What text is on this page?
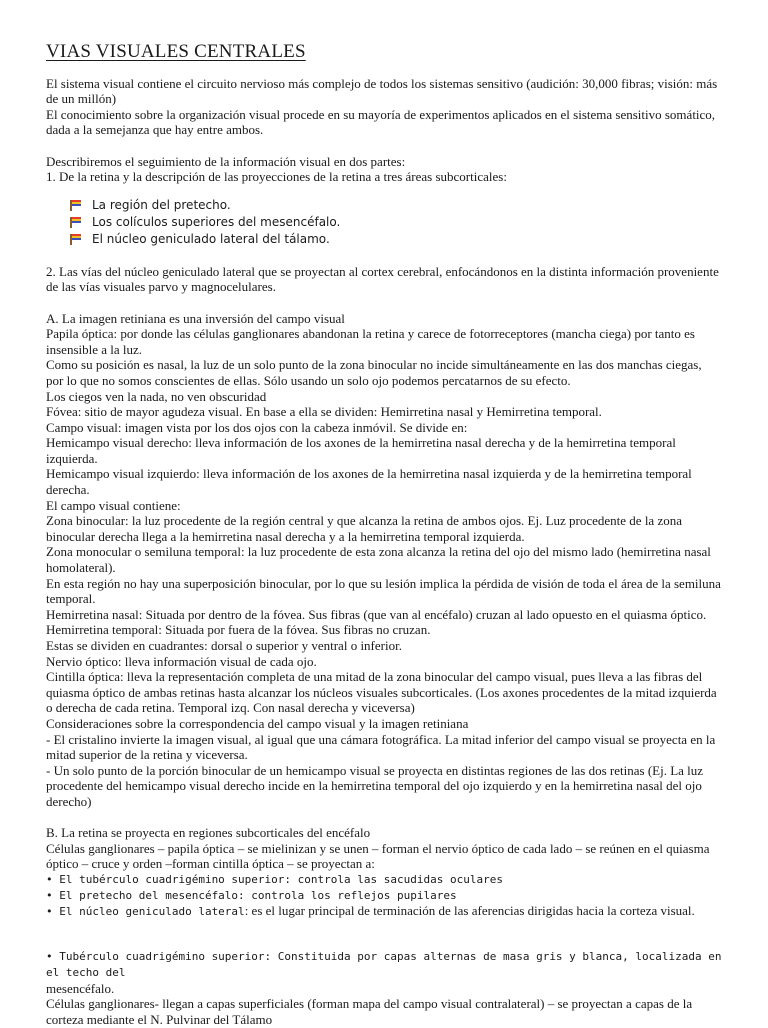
VIAS VISUALES CENTRALES

El sistema visual contiene el circuito nervioso más complejo de todos los sistemas sensitivo (audición: 30,000 fibras; visión: más de un millón)

El conocimiento sobre la organización visual procede en su mayoría de experimentos aplicados en el sistema sensitivo somático, dada a la semejanza que hay entre ambos.

Describiremos el seguimiento de la información visual en dos partes:

1. De la retina y la descripción de las proyecciones de la retina a tres áreas subcorticales:

La región del pretecho.
Los colículos superiores del mesencéfalo.
El núcleo geniculado lateral del tálamo.

2. Las vías del núcleo geniculado lateral que se proyectan al cortex cerebral, enfocándonos en la distinta información proveniente de las vías visuales parvo y magnocelulares.

A. La imagen retiniana es una inversión del campo visual

Papila óptica: por donde las células ganglionares abandonan la retina y carece de fotorreceptores (mancha ciega) por tanto es insensible a la luz.

Como su posición es nasal, la luz de un solo punto de la zona binocular no incide simultáneamente en las dos manchas ciegas, por lo que no somos conscientes de ellas. Sólo usando un solo ojo podemos percatarnos de su efecto.

Los ciegos ven la nada, no ven obscuridad

Fóvea: sitio de mayor agudeza visual. En base a ella se dividen: Hemirretina nasal y Hemirretina temporal.

Campo visual: imagen vista por los dos ojos con la cabeza inmóvil. Se divide en:

Hemicampo visual derecho: lleva información de los axones de la hemirretina nasal derecha y de la hemirretina temporal izquierda.

Hemicampo visual izquierdo: lleva información de los axones de la hemirretina nasal izquierda y de la hemirretina temporal derecha.

El campo visual contiene:

Zona binocular: la luz procedente de la región central y que alcanza la retina de ambos ojos. Ej. Luz procedente de la zona binocular derecha llega a la hemirretina nasal derecha y a la hemirretina temporal izquierda.

Zona monocular o semiluna temporal: la luz procedente de esta zona alcanza la retina del ojo del mismo lado (hemirretina nasal homolateral).

En esta región no hay una superposición binocular, por lo que su lesión implica la pérdida de visión de toda el área de la semiluna temporal.

Hemirretina nasal: Situada por dentro de la fóvea. Sus fibras (que van al encéfalo) cruzan al lado opuesto en el quiasma óptico.

Hemirretina temporal: Situada por fuera de la fóvea. Sus fibras no cruzan.

Estas se dividen en cuadrantes: dorsal o superior y ventral o inferior.

Nervio óptico: lleva información visual de cada ojo.

Cintilla óptica: lleva la representación completa de una mitad de la zona binocular del campo visual, pues lleva a las fibras del quiasma óptico de ambas retinas hasta alcanzar los núcleos visuales subcorticales. (Los axones procedentes de la mitad izquierda o derecha de cada retina. Temporal izq. Con nasal derecha y viceversa)

Consideraciones sobre la correspondencia del campo visual y la imagen retiniana

- El cristalino invierte la imagen visual, al igual que una cámara fotográfica. La mitad inferior del campo visual se proyecta en la mitad superior de la retina y viceversa.

- Un solo punto de la porción binocular de un hemicampo visual se proyecta en distintas regiones de las dos retinas (Ej. La luz procedente del hemicampo visual derecho incide en la hemirretina temporal del ojo izquierdo y en la hemirretina nasal del ojo derecho)

B. La retina se proyecta en regiones subcorticales del encéfalo

Células ganglionares – papila óptica – se mielinizan y se unen – forman el nervio óptico de cada lado – se reúnen en el quiasma óptico – cruce y orden –forman cintilla óptica – se proyectan a:

• El tubérculo cuadrigémino superior: controla las sacudidas oculares

• El pretecho del mesencéfalo: controla los reflejos pupilares

• El núcleo geniculado lateral: es el lugar principal de terminación de las aferencias dirigidas hacia la corteza visual.

• Tubérculo cuadrigémino superior: Constituida por capas alternas de masa gris y blanca, localizada en el techo del

mesencéfalo.

Células ganglionares- llegan a capas superficiales (forman mapa del campo visual contralateral) – se proyectan a capas de la corteza mediante el N. Pulvinar del Tálamo
